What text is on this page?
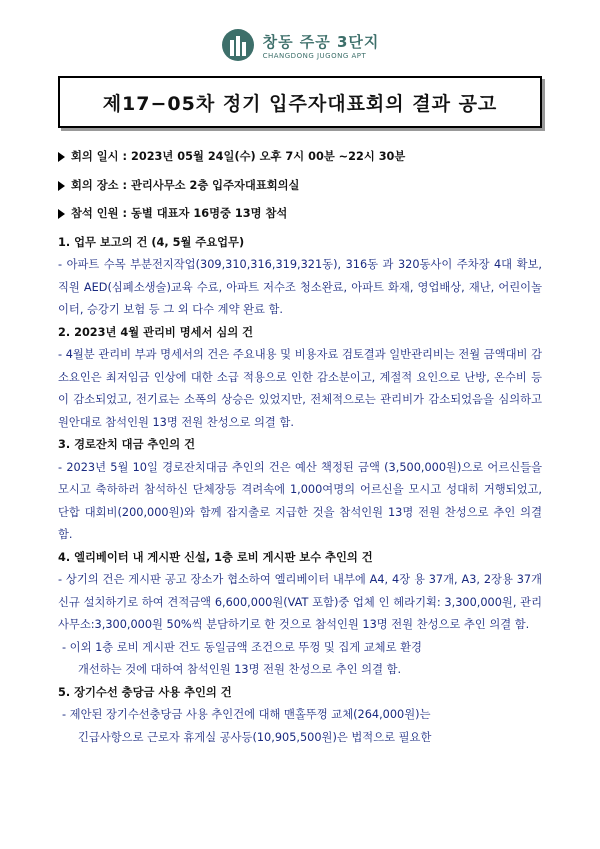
창동 주공 3단지
CHANGDONG JUGONG APT
제17−05차 정기 입주자대표회의 결과 공고
회의 일시 : 2023년 05월 24일(수) 오후 7시 00분 ~22시 30분
회의 장소 : 관리사무소 2층 입주자대표회의실
참석 인원 : 동별 대표자 16명중 13명 참석
1. 업무 보고의 건 (4, 5월 주요업무)
- 아파트 수목 부분전지작업(309,310,316,319,321동), 316동 과 320동사이 주차장 4대 확보, 직원 AED(심폐소생술)교육 수료, 아파트 저수조 청소완료, 아파트 화재, 영업배상, 재난, 어린이놀이터, 승강기 보험 등 그 외 다수 계약 완료 함.
2. 2023년 4월 관리비 명세서 심의 건
- 4월분 관리비 부과 명세서의 건은 주요내용 및 비용자료 검토결과 일반관리비는 전월 금액대비 감소요인은 최저임금 인상에 대한 소급 적용으로 인한 감소분이고, 계절적 요인으로 난방, 온수비 등이 감소되었고, 전기료는 소폭의 상승은 있었지만, 전체적으로는 관리비가 감소되었음을 심의하고 원안대로 참석인원 13명 전원 찬성으로 의결 함.
3. 경로잔치 대금 추인의 건
- 2023년 5월 10일 경로잔치대금 추인의 건은 예산 책정된 금액 (3,500,000원)으로 어르신들을 모시고 축하하러 참석하신 단체장등 격려속에 1,000여명의 어르신을 모시고 성대히 거행되었고, 단합 대회비(200,000원)와 함께 잡지출로 지급한 것을 참석인원 13명 전원 찬성으로 추인 의결 함.
4. 엘리베이터 내 게시판 신설, 1층 로비 게시판 보수 추인의 건
- 상기의 건은 게시판 공고 장소가 협소하여 엘리베이터 내부에 A4, 4장 용 37개, A3, 2장용 37개 신규 설치하기로 하여 견적금액 6,600,000원(VAT 포함)중 업체 인 헤라기획: 3,300,000원, 관리사무소:3,300,000원 50%씩 분담하기로 한 것으로 참석인원 13명 전원 찬성으로 추인 의결 함.
- 이외 1층 로비 게시판 건도 동일금액 조건으로 뚜껑 및 집게 교체로 환경
개선하는 것에 대하여 참석인원 13명 전원 찬성으로 추인 의결 함.
5. 장기수선 충당금 사용 추인의 건
- 제안된 장기수선충당금 사용 추인건에 대해 맨홀뚜껑 교체(264,000원)는
긴급사항으로 근로자 휴게실 공사등(10,905,500원)은 법적으로 필요한
